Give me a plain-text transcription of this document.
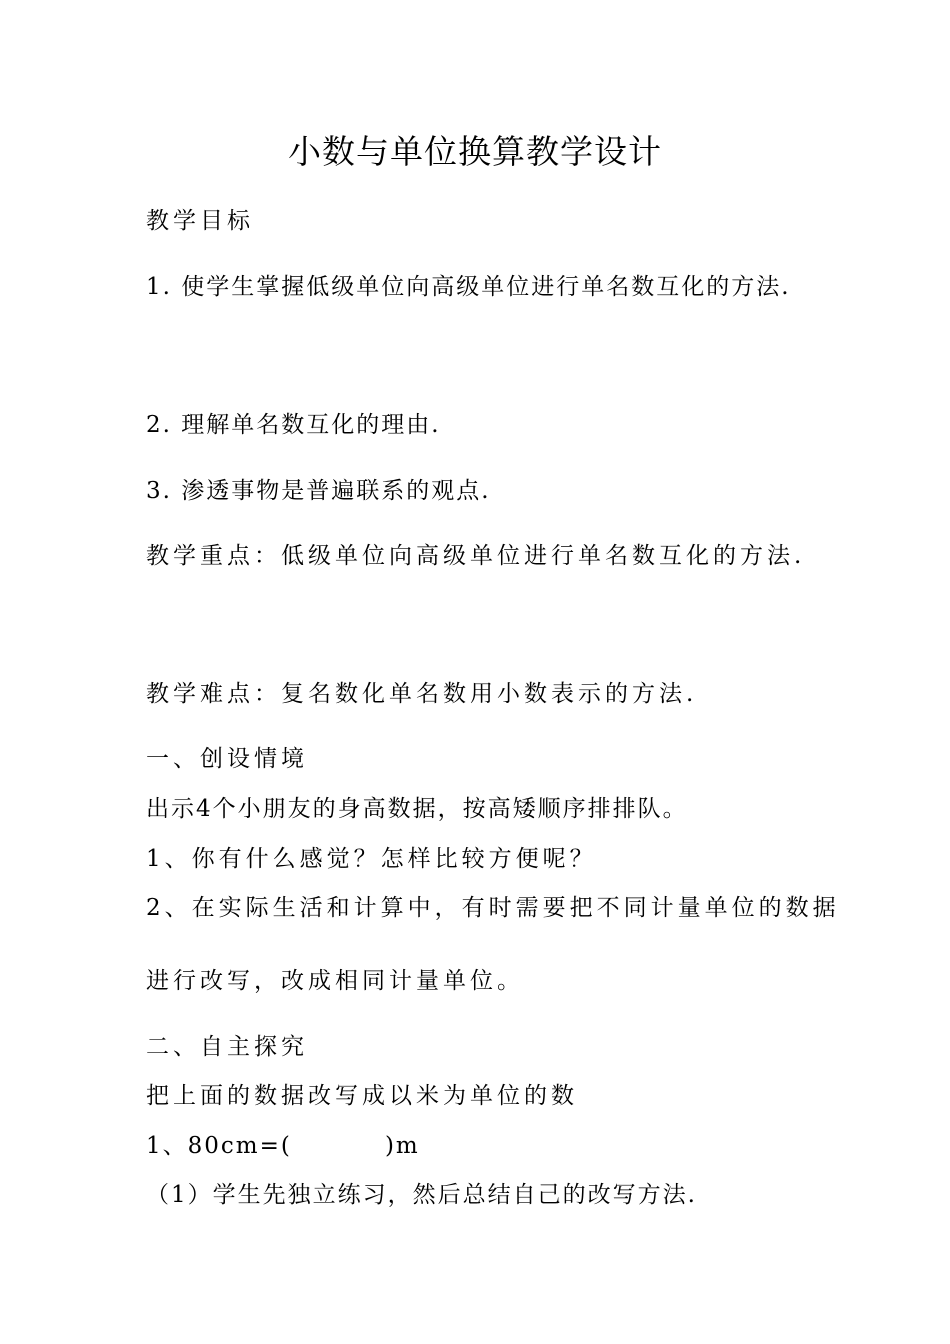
小数与单位换算教学设计
教学目标
1. 使学生掌握低级单位向高级单位进行单名数互化的方法.
2. 理解单名数互化的理由.
3. 渗透事物是普遍联系的观点.
教学重点：低级单位向高级单位进行单名数互化的方法.
教学难点：复名数化单名数用小数表示的方法.
一、创设情境
出示4个小朋友的身高数据，按高矮顺序排排队。
1、你有什么感觉？怎样比较方便呢？
2、在实际生活和计算中，有时需要把不同计量单位的数据
进行改写，改成相同计量单位。
二、自主探究
把上面的数据改写成以米为单位的数
1、80cm=(          )m
（1）学生先独立练习，然后总结自己的改写方法.
